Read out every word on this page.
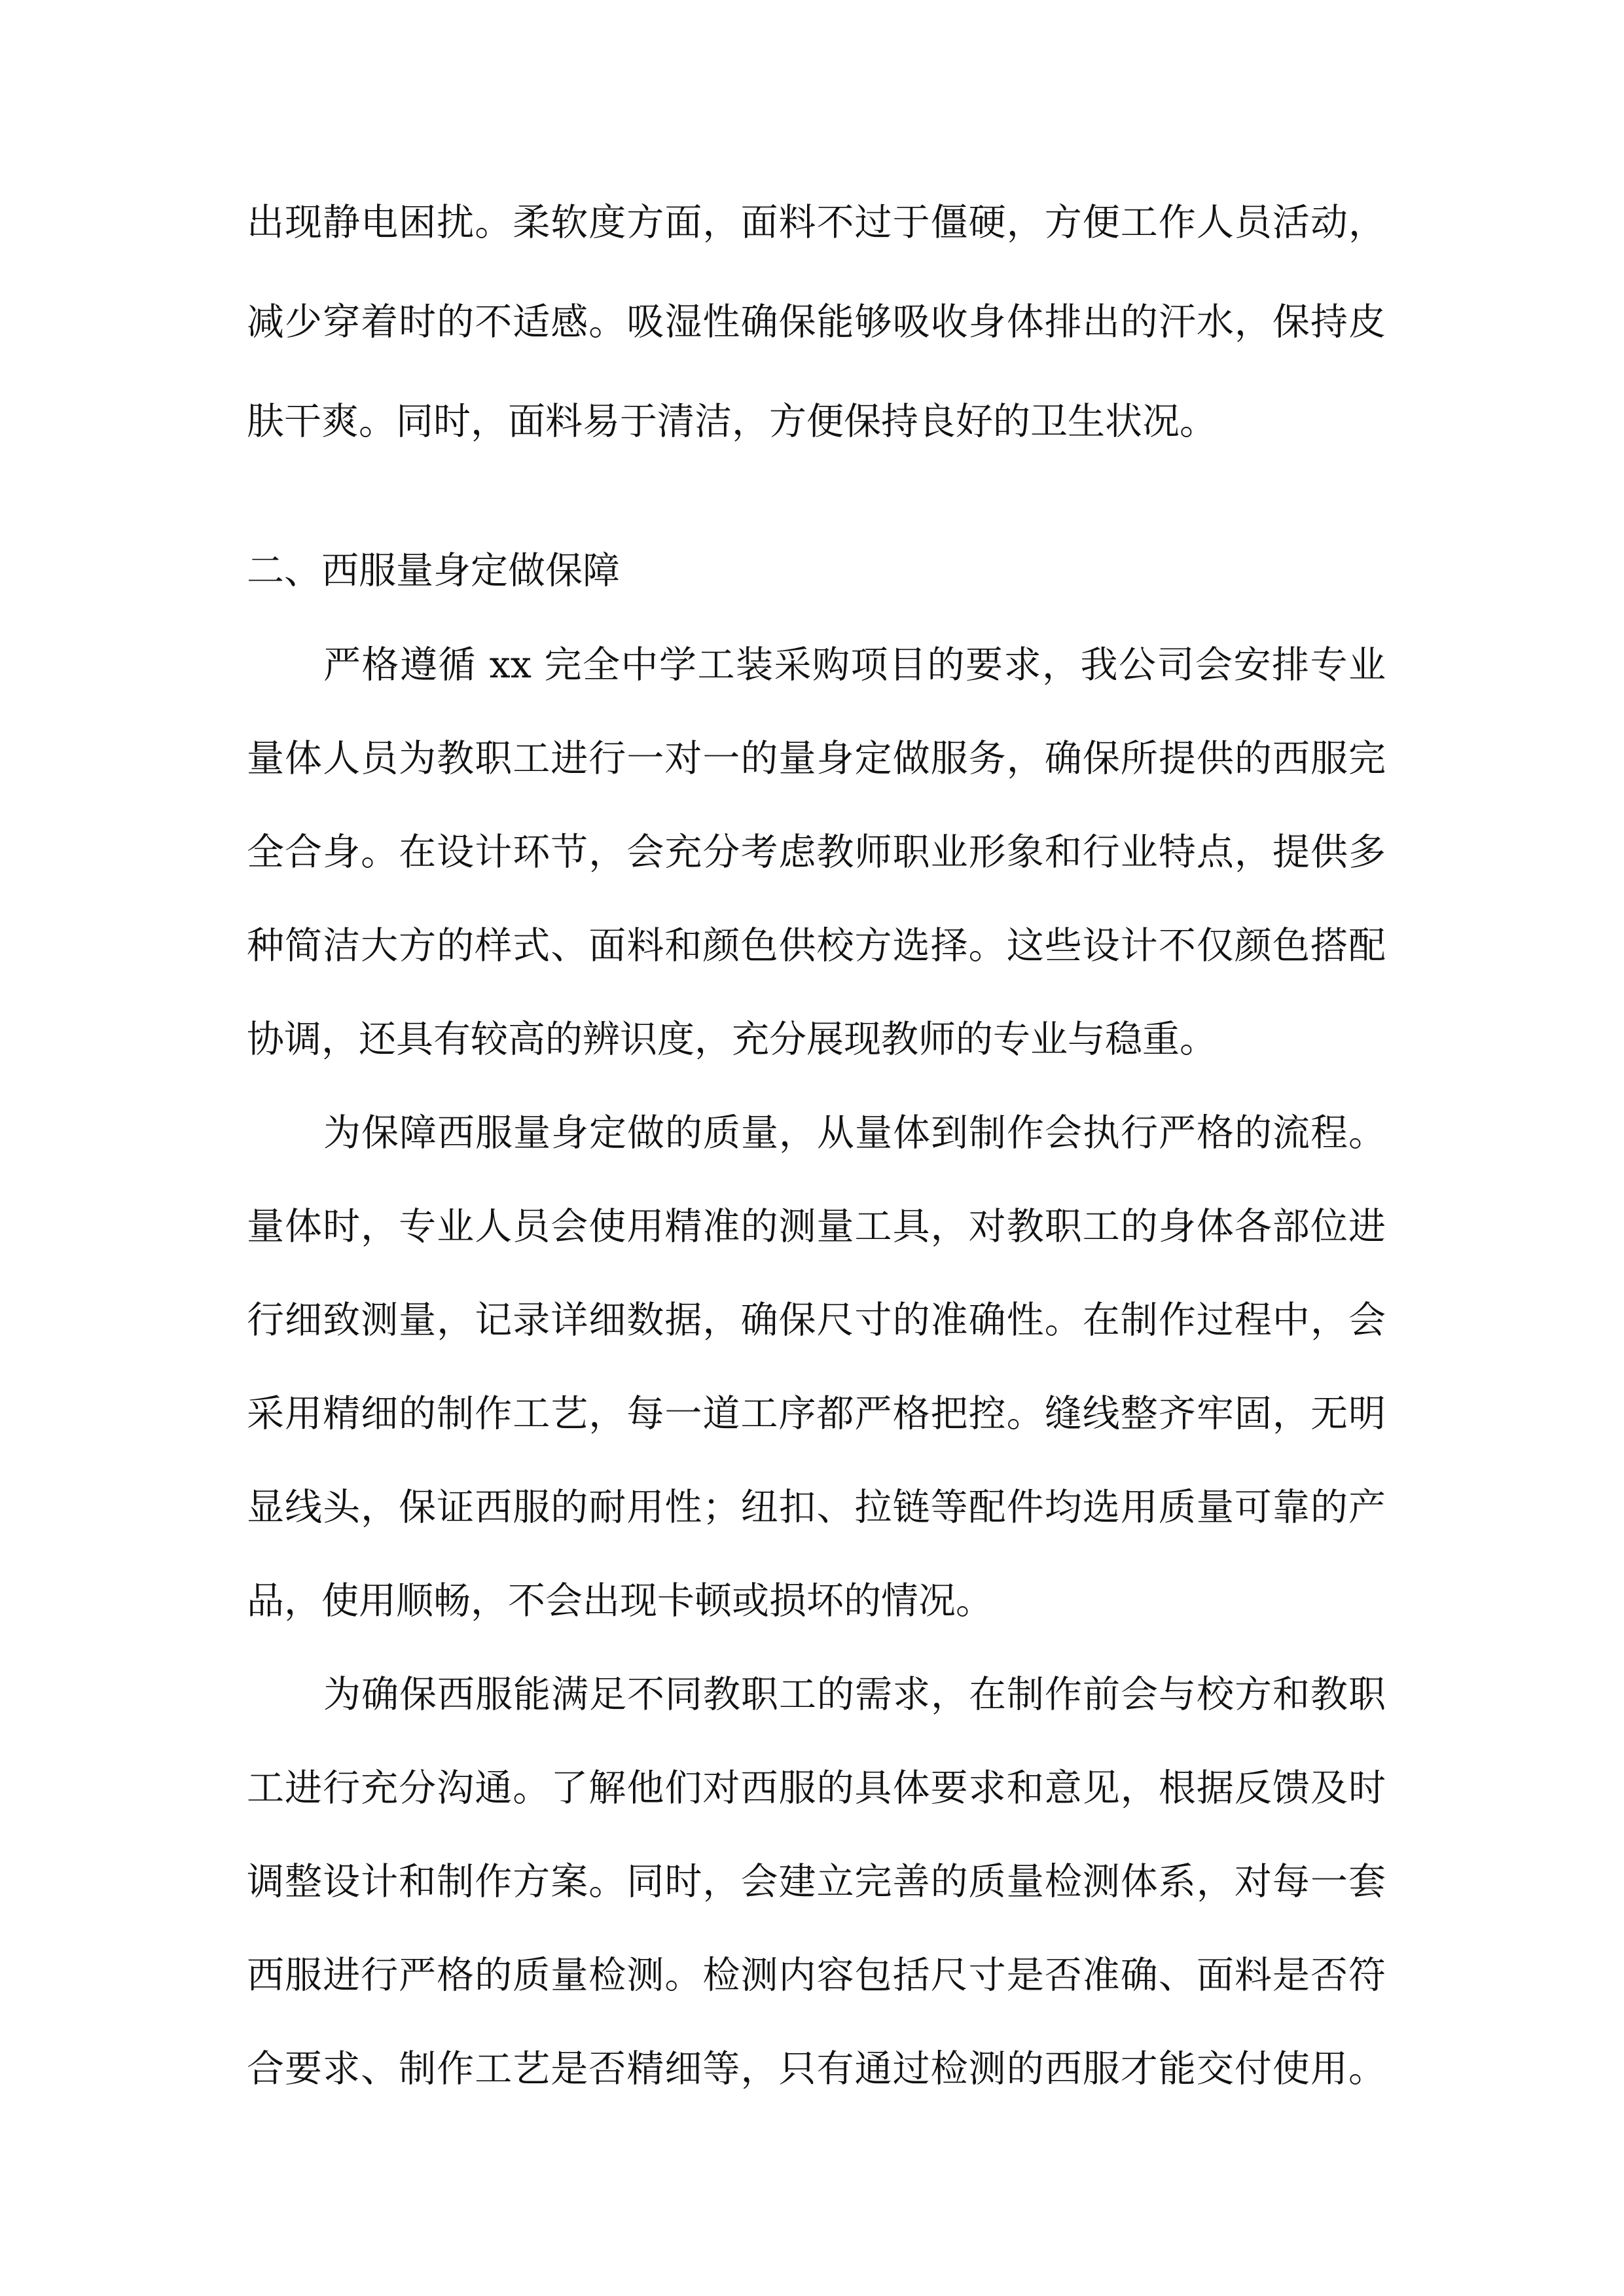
出现静电困扰。柔软度方面，面料不过于僵硬，方便工作人员活动，
减少穿着时的不适感。吸湿性确保能够吸收身体排出的汗水，保持皮
肤干爽。同时，面料易于清洁，方便保持良好的卫生状况。
二、西服量身定做保障
严格遵循 xx 完全中学工装采购项目的要求，我公司会安排专业
量体人员为教职工进行一对一的量身定做服务，确保所提供的西服完
全合身。在设计环节，会充分考虑教师职业形象和行业特点，提供多
种简洁大方的样式、面料和颜色供校方选择。这些设计不仅颜色搭配
协调，还具有较高的辨识度，充分展现教师的专业与稳重。
为保障西服量身定做的质量，从量体到制作会执行严格的流程。
量体时，专业人员会使用精准的测量工具，对教职工的身体各部位进
行细致测量，记录详细数据，确保尺寸的准确性。在制作过程中，会
采用精细的制作工艺，每一道工序都严格把控。缝线整齐牢固，无明
显线头，保证西服的耐用性；纽扣、拉链等配件均选用质量可靠的产
品，使用顺畅，不会出现卡顿或损坏的情况。
为确保西服能满足不同教职工的需求，在制作前会与校方和教职
工进行充分沟通。了解他们对西服的具体要求和意见，根据反馈及时
调整设计和制作方案。同时，会建立完善的质量检测体系，对每一套
西服进行严格的质量检测。检测内容包括尺寸是否准确、面料是否符
合要求、制作工艺是否精细等，只有通过检测的西服才能交付使用。
